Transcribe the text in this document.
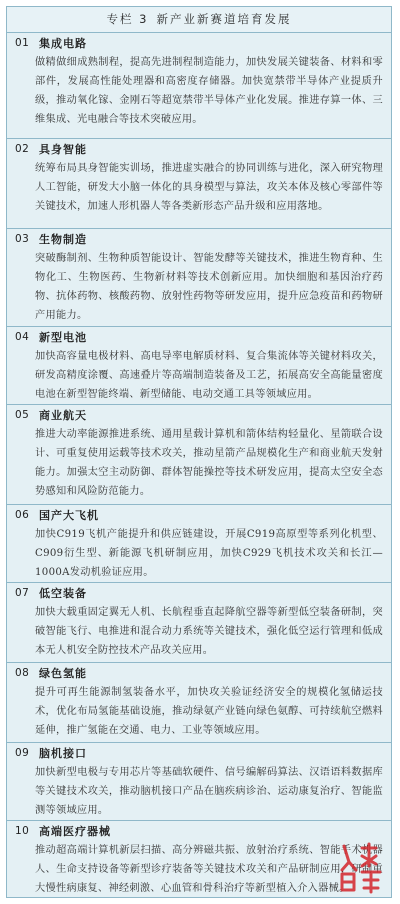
专栏 3 新产业新赛道培育发展
01 集成电路
做精做细成熟制程，提高先进制程制造能力，加快发展关键装备、材料和零部件，发展高性能处理器和高密度存储器。加快宽禁带半导体产业提质升级，推动氧化镓、金刚石等超宽禁带半导体产业化发展。推进存算一体、三维集成、光电融合等技术突破应用。
02 具身智能
统筹布局具身智能实训场，推进虚实融合的协同训练与进化，深入研究物理人工智能，研发大小脑一体化的具身模型与算法，攻关本体及核心零部件等关键技术，加速人形机器人等各类新形态产品升级和应用落地。
03 生物制造
突破酶制剂、生物种质智能设计、智能发酵等关键技术，推进生物育种、生物化工、生物医药、生物新材料等技术创新应用。加快细胞和基因治疗药物、抗体药物、核酸药物、放射性药物等研发应用，提升应急疫苗和药物研产用能力。
04 新型电池
加快高容量电极材料、高电导率电解质材料、复合集流体等关键材料攻关，研发高精度涂覆、高速叠片等高端制造装备及工艺，拓展高安全高能量密度电池在新型智能终端、新型储能、电动交通工具等领域应用。
05 商业航天
推进大动率能源推进系统、通用星载计算机和箭体结构轻量化、星箭联合设计、可重复使用运载等技术攻关，推动星箭产品规模化生产和商业航天发射能力。加强太空主动防御、群体智能操控等技术研发应用，提高太空安全态势感知和风险防范能力。
06 国产大飞机
加快C919飞机产能提升和供应链建设，开展C919高原型等系列化机型、C909衍生型、新能源飞机研制应用，加快C929飞机技术攻关和长江—1000A发动机验证应用。
07 低空装备
加快大载重固定翼无人机、长航程垂直起降航空器等新型低空装备研制，突破智能飞行、电推进和混合动力系统等关键技术，强化低空运行管理和低成本无人机安全防控技术产品攻关应用。
08 绿色氢能
提升可再生能源制氢装备水平，加快攻关验证经济安全的规模化氢储运技术，优化布局氢能基础设施，推动绿氨产业链向绿色氨醇、可持续航空燃料延伸，推广氢能在交通、电力、工业等领域应用。
09 脑机接口
加快新型电极与专用芯片等基础软硬件、信号编解码算法、汉语语料数据库等关键技术攻关，推动脑机接口产品在脑疾病诊治、运动康复治疗、智能监测等领域应用。
10 高端医疗器械
推动超高端计算机新层扫描、高分辨磁共振、放射治疗系统、智能手术机器人、生命支持设备等新型诊疗装备等关键技术攻关和产品研制应用，研制重大慢性病康复、神经刺激、心血管和骨科治疗等新型植入介入器械。
